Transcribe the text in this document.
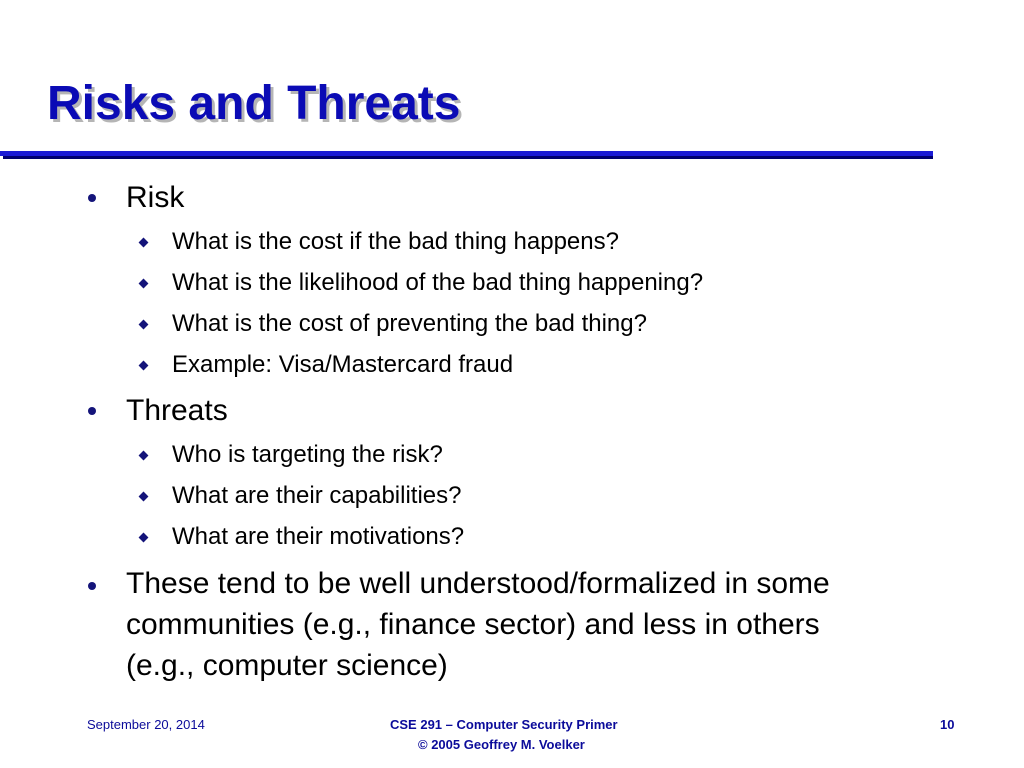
Risks and Threats
Risk
What is the cost if the bad thing happens?
What is the likelihood of the bad thing happening?
What is the cost of preventing the bad thing?
Example: Visa/Mastercard fraud
Threats
Who is targeting the risk?
What are their capabilities?
What are their motivations?
These tend to be well understood/formalized in some
communities (e.g., finance sector) and less in others
(e.g., computer science)
September 20, 2014	CSE 291 – Computer Security Primer
© 2005 Geoffrey M. Voelker
10
